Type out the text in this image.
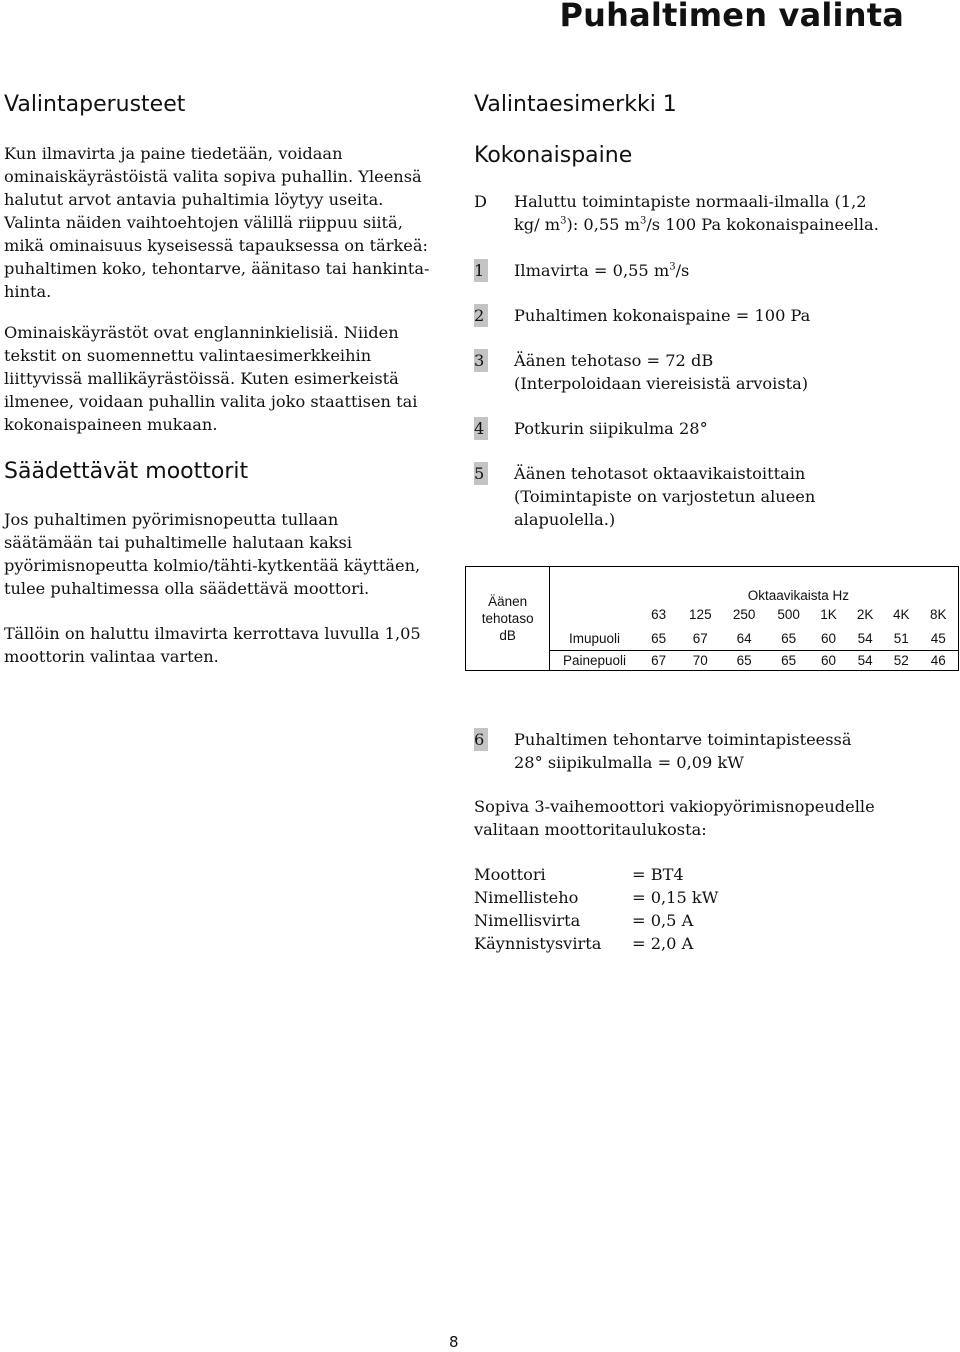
Puhaltimen valinta
Valintaperusteet
Kun ilmavirta ja paine tiedetään, voidaan
ominaiskäyrästöistä valita sopiva puhallin. Yleensä
halutut arvot antavia puhaltimia löytyy useita.
Valinta näiden vaihtoehtojen välillä riippuu siitä,
mikä ominaisuus kyseisessä tapauksessa on tärkeä:
puhaltimen koko, tehontarve, äänitaso tai hankinta-
hinta.
Ominaiskäyrästöt ovat englanninkielisiä. Niiden
tekstit on suomennettu valintaesimerkkeihin
liittyvissä mallikäyrästöissä. Kuten esimerkeistä
ilmenee, voidaan puhallin valita joko staattisen tai
kokonaispaineen mukaan.
Säädettävät moottorit
Jos puhaltimen pyörimisnopeutta tullaan
säätämään tai puhaltimelle halutaan kaksi
pyörimisnopeutta kolmio/tähti-kytkentää käyttäen,
tulee puhaltimessa olla säädettävä moottori.
Tällöin on haluttu ilmavirta kerrottava luvulla 1,05
moottorin valintaa varten.
Valintaesimerkki 1
Kokonaispaine
D Haluttu toimintapiste normaali-ilmalla (1,2
kg/ $m^3$): 0,55 $m^3/s$ 100 Pa kokonaispaineella.
1 Ilmavirta = 0,55 $m^3/s$
2 Puhaltimen kokonaispaine = 100 Pa
3 Äänen tehotaso = 72 dB
(Interpoloidaan viereisistä arvoista)
4 Potkurin siipikulma 28°
5 Äänen tehotasot oktaavikaistoittain
(Toimintapiste on varjostetun alueen
alapuolella.)
Äänen
tehotaso
dB		Oktaavikaista Hz							
		63	125	250	500	1K	2K	4K	8K
	Imupuoli	65	67	64	65	60	54	51	45
	Painepuoli	67	70	65	65	60	54	52	46
6 Puhaltimen tehontarve toimintapisteessä
28° siipikulmalla = 0,09 kW
Sopiva 3-vaihemoottori vakiopyörimisnopeudelle
valitaan moottoritaulukosta:
Moottori	= BT4
Nimellisteho	= 0,15 kW
Nimellisvirta	= 0,5 A
Käynnistysvirta = 2,0 A
8
